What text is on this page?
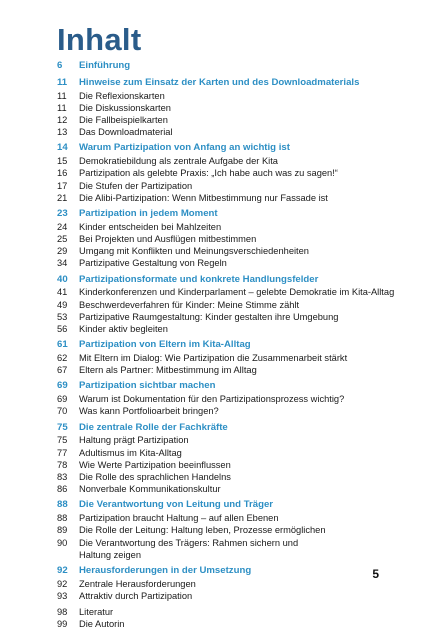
Inhalt
6	Einführung
11	Hinweise zum Einsatz der Karten und des Downloadmaterials
11	Die Reflexionskarten
11	Die Diskussionskarten
12	Die Fallbeispielkarten
13	Das Downloadmaterial
14	Warum Partizipation von Anfang an wichtig ist
15	Demokratiebildung als zentrale Aufgabe der Kita
16	Partizipation als gelebte Praxis: „Ich habe auch was zu sagen!“
17	Die Stufen der Partizipation
21	Die Alibi-Partizipation: Wenn Mitbestimmung nur Fassade ist
23	Partizipation in jedem Moment
24	Kinder entscheiden bei Mahlzeiten
25	Bei Projekten und Ausflügen mitbestimmen
29	Umgang mit Konflikten und Meinungsverschiedenheiten
34	Partizipative Gestaltung von Regeln
40	Partizipationsformate und konkrete Handlungsfelder
41	Kinderkonferenzen und Kinderparlament – gelebte Demokratie im Kita-Alltag
49	Beschwerdeverfahren für Kinder: Meine Stimme zählt
53	Partizipative Raumgestaltung: Kinder gestalten ihre Umgebung
56	Kinder aktiv begleiten
61	Partizipation von Eltern im Kita-Alltag
62	Mit Eltern im Dialog: Wie Partizipation die Zusammenarbeit stärkt
67	Eltern als Partner: Mitbestimmung im Alltag
69	Partizipation sichtbar machen
69	Warum ist Dokumentation für den Partizipationsprozess wichtig?
70	Was kann Portfolioarbeit bringen?
75	Die zentrale Rolle der Fachkräfte
75	Haltung prägt Partizipation
77	Adultismus im Kita-Alltag
78	Wie Werte Partizipation beeinflussen
83	Die Rolle des sprachlichen Handelns
86	Nonverbale Kommunikationskultur
88	Die Verantwortung von Leitung und Träger
88	Partizipation braucht Haltung – auf allen Ebenen
89	Die Rolle der Leitung: Haltung leben, Prozesse ermöglichen
90	Die Verantwortung des Trägers: Rahmen sichern und
Haltung zeigen
92	Herausforderungen in der Umsetzung
92	Zentrale Herausforderungen
93	Attraktiv durch Partizipation
98	Literatur
99	Die Autorin
5
